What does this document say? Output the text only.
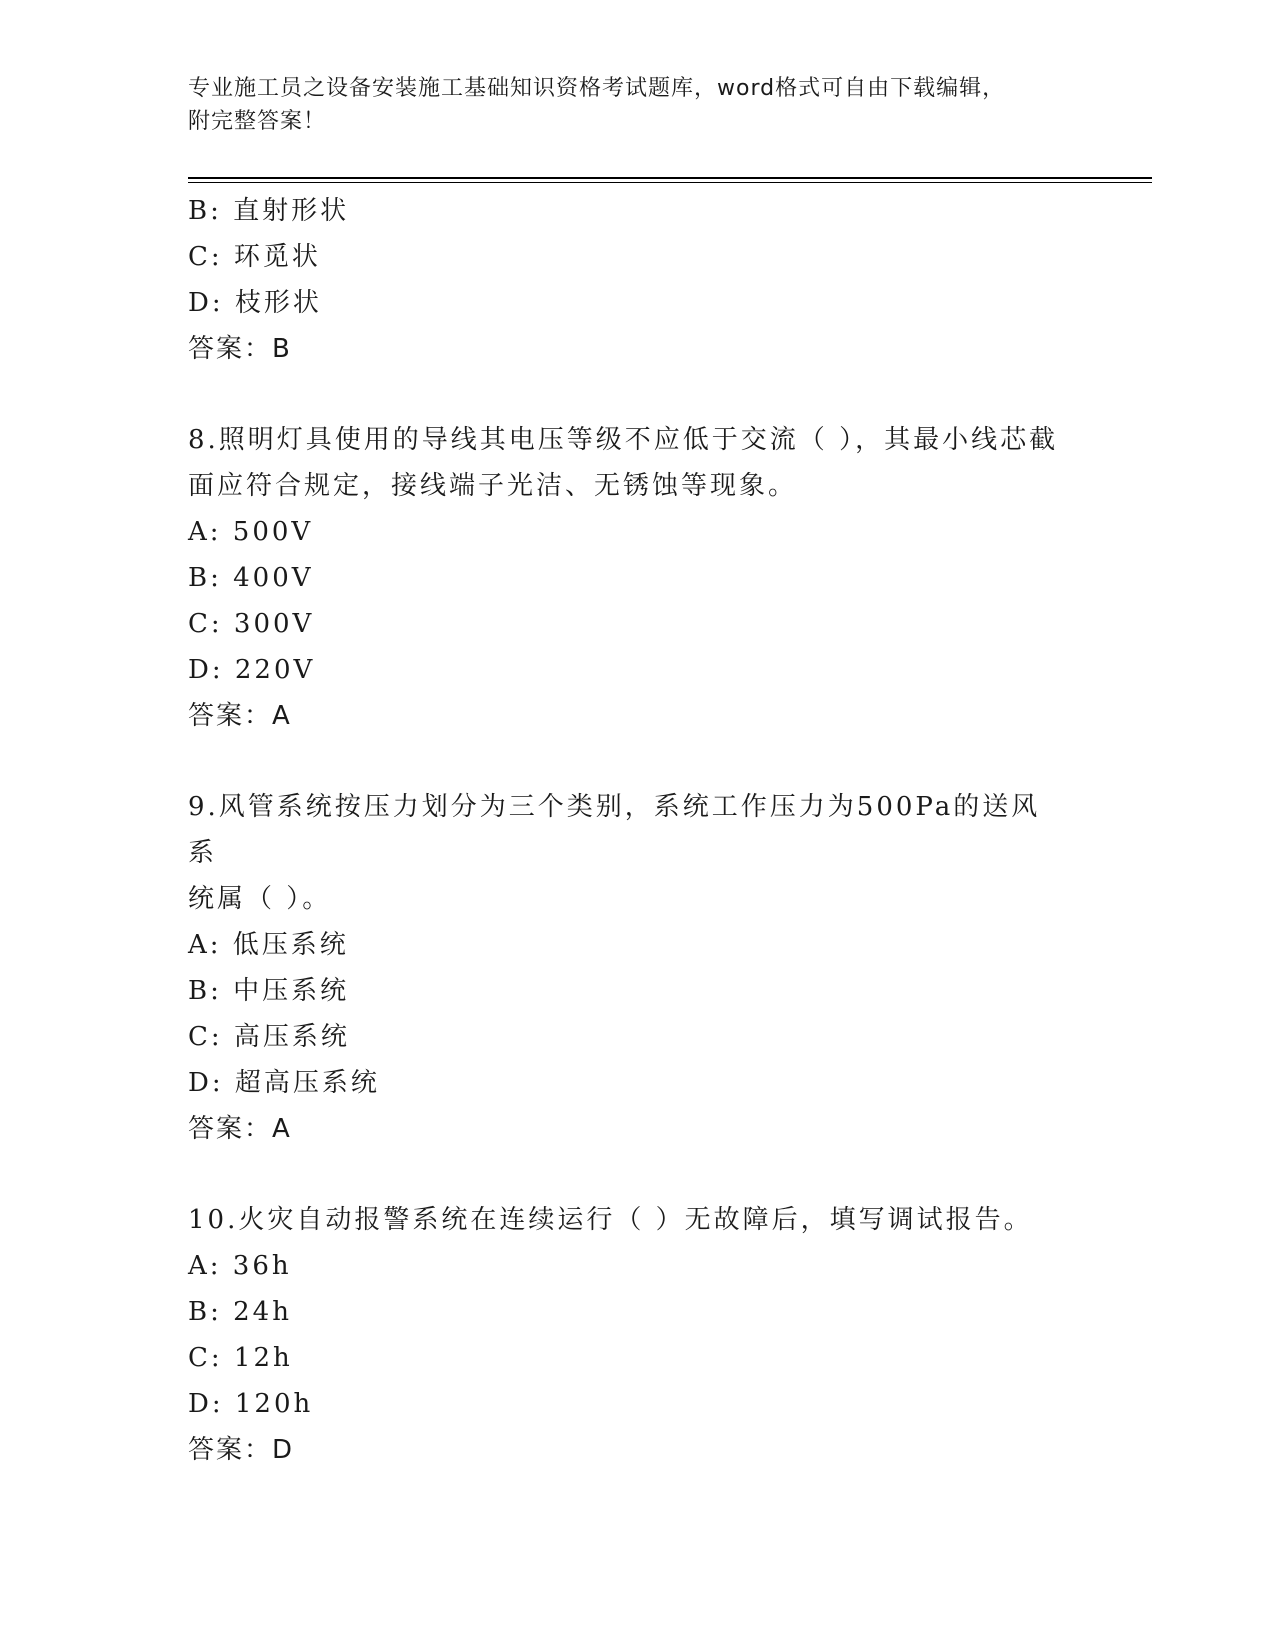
专业施工员之设备安装施工基础知识资格考试题库，word格式可自由下载编辑，
附完整答案！
B: 直射形状
C: 环觅状
D: 枝形状
答案：B
8.照明灯具使用的导线其电压等级不应低于交流（ ），其最小线芯截
面应符合规定，接线端子光洁、无锈蚀等现象。
A: 500V
B: 400V
C: 300V
D: 220V
答案：A
9.风管系统按压力划分为三个类别，系统工作压力为500Pa的送风系
统属（ ）。
A: 低压系统
B: 中压系统
C: 高压系统
D: 超高压系统
答案：A
10.火灾自动报警系统在连续运行（ ）无故障后，填写调试报告。
A: 36h
B: 24h
C: 12h
D: 120h
答案：D
